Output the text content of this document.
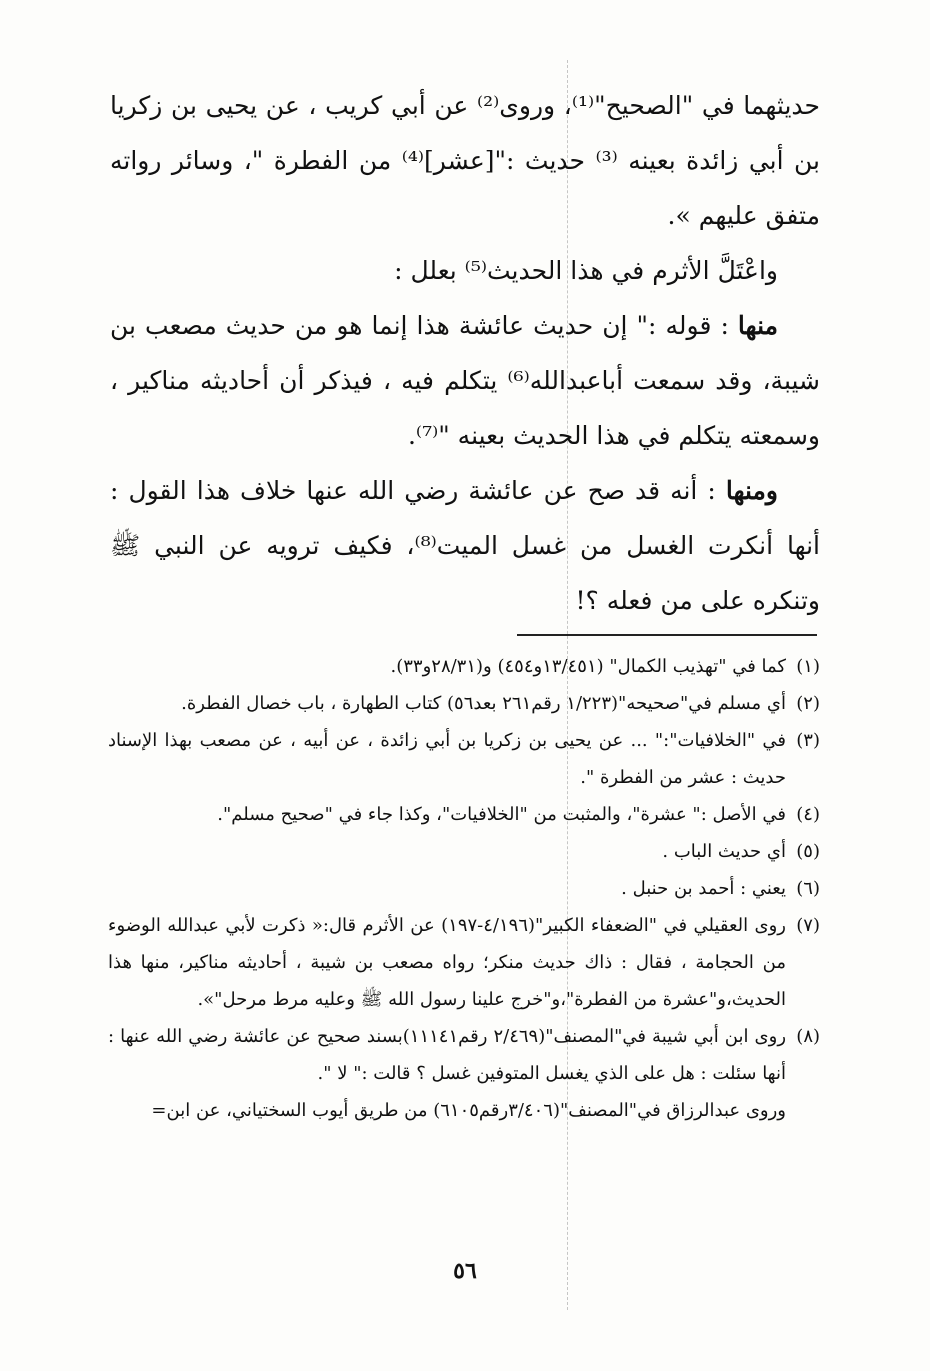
حديثهما في "الصحيح"⁽¹⁾، وروى⁽²⁾ عن أبي كريب ، عن يحيى بن زكريا بن أبي زائدة بعينه ⁽³⁾ حديث :"[عشر]⁽⁴⁾ من الفطرة "، وسائر رواته متفق عليهم ».

واعْتَلَّ الأثرم في هذا الحديث⁽⁵⁾ بعلل :

منها : قوله :" إن حديث عائشة هذا إنما هو من حديث مصعب بن شيبة، وقد سمعت أباعبدالله⁽⁶⁾ يتكلم فيه ، فيذكر أن أحاديثه مناكير ، وسمعته يتكلم في هذا الحديث بعينه "⁽⁷⁾.

ومنها : أنه قد صح عن عائشة رضي الله عنها خلاف هذا القول : أنها أنكرت الغسل من غسل الميت⁽⁸⁾، فكيف ترويه عن النبي ﷺ وتنكره على من فعله ؟!

(١)كما في "تهذيب الكمال" (١٣/٤٥١و٤٥٤) و(٢٨/٣١و٣٣).

(٢)أي مسلم في"صحيحه"(١/٢٢٣ رقم٢٦١ بعد٥٦) كتاب الطهارة ، باب خصال الفطرة.

(٣)في "الخلافيات":" ... عن يحيى بن زكريا بن أبي زائدة ، عن أبيه ، عن مصعب بهذا الإسناد حديث : عشر من الفطرة ".

(٤)في الأصل :" عشرة"، والمثبت من "الخلافيات"، وكذا جاء في "صحيح مسلم".

(٥)أي حديث الباب .

(٦)يعني : أحمد بن حنبل .

(٧)روى العقيلي في "الضعفاء الكبير"(٤/١٩٦-١٩٧) عن الأثرم قال:« ذكرت لأبي عبدالله الوضوء من الحجامة ، فقال : ذاك حديث منكر؛ رواه مصعب بن شيبة ، أحاديثه مناكير، منها هذا الحديث،و"عشرة من الفطرة"،و"خرج علينا رسول الله ﷺ وعليه مرط مرحل"».

(٨)روى ابن أبي شيبة في"المصنف"(٢/٤٦٩ رقم١١١٤١)بسند صحيح عن عائشة رضي الله عنها : أنها سئلت : هل على الذي يغسل المتوفين غسل ؟ قالت :" لا ".

وروى عبدالرزاق في"المصنف"(٣/٤٠٦رقم٦١٠٥) من طريق أيوب السختياني، عن ابن=

٥٦
